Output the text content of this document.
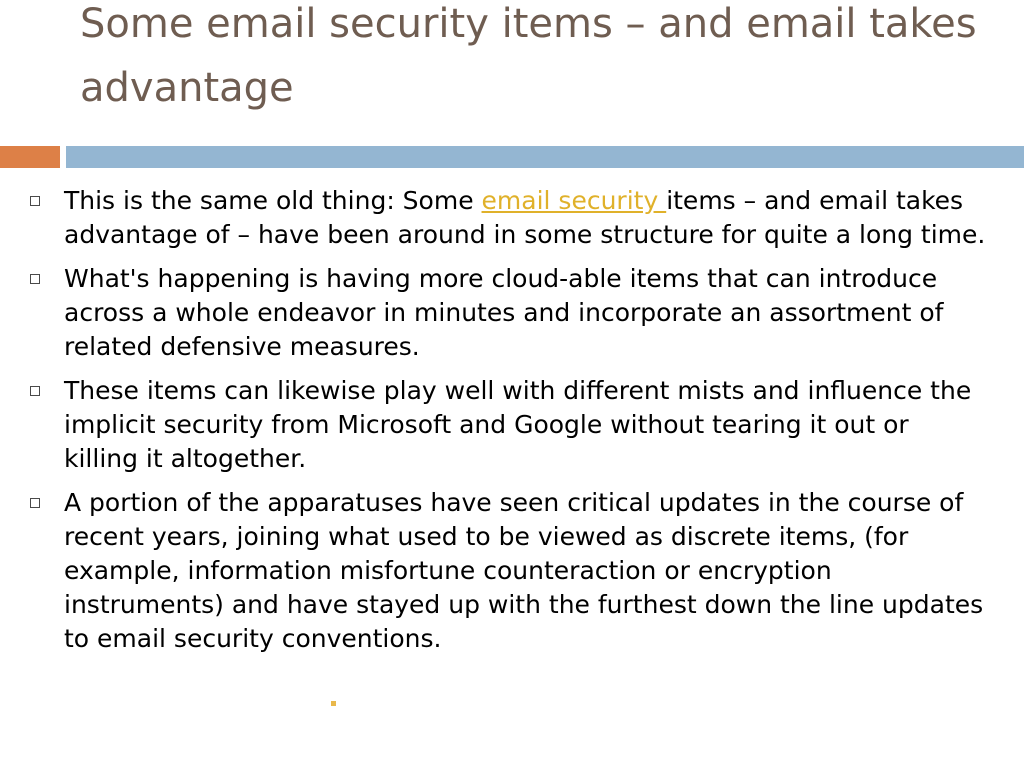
Some email security items – and email takes advantage
This is the same old thing: Some email security items – and email takes advantage of – have been around in some structure for quite a long time.
What's happening is having more cloud-able items that can introduce across a whole endeavor in minutes and incorporate an assortment of related defensive measures.
These items can likewise play well with different mists and influence the implicit security from Microsoft and Google without tearing it out or killing it altogether.
A portion of the apparatuses have seen critical updates in the course of recent years, joining what used to be viewed as discrete items, (for example, information misfortune counteraction or encryption instruments) and have stayed up with the furthest down the line updates to email security conventions.
